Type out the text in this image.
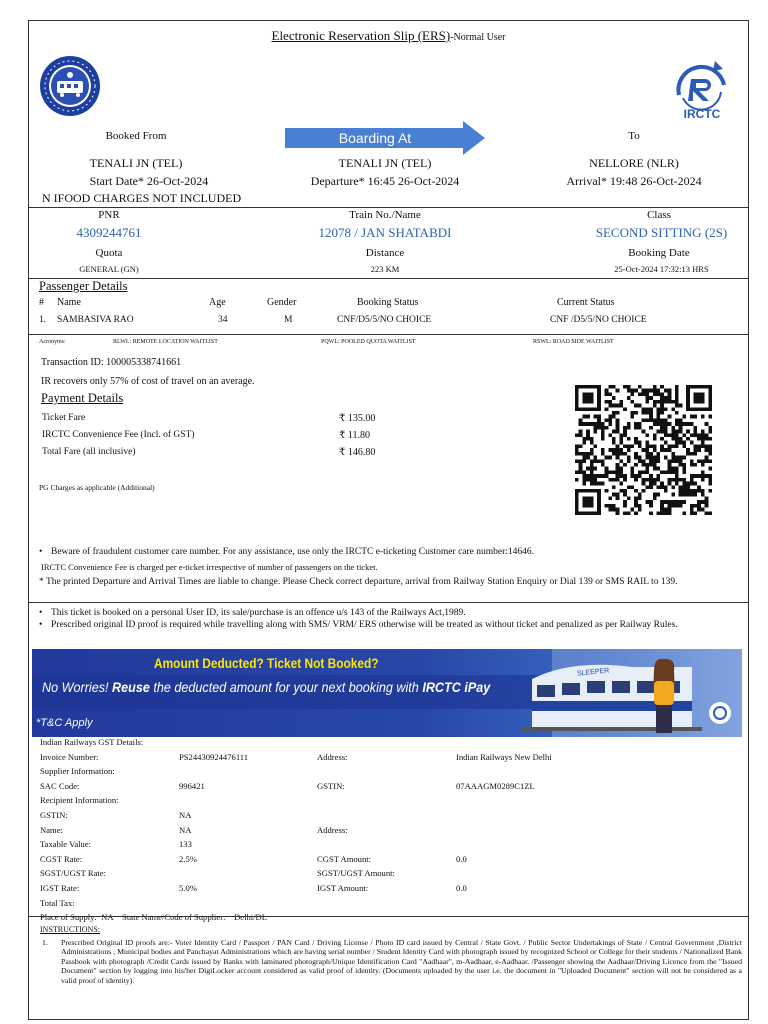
Electronic Reservation Slip (ERS)-Normal User
IRCTC
Booked From	Boarding At	To
TENALI JN (TEL)	TENALI JN (TEL)	NELLORE (NLR)
Start Date* 26-Oct-2024	Departure* 16:45 26-Oct-2024	Arrival* 19:48 26-Oct-2024
N IFOOD CHARGES NOT INCLUDED
PNR	Train No./Name	Class
4309244761	12078 / JAN SHATABDI	SECOND SITTING (2S)
Quota	Distance	Booking Date
GENERAL (GN)	223 KM	25-Oct-2024 17:32:13 HRS
Passenger Details
# Name	Age	Gender	Booking Status	Current Status
1. SAMBASIVA RAO	34	M	CNF/D5/5/NO CHOICE	CNF /D5/5/NO CHOICE
Acronyms:	RLWL: REMOTE LOCATION WAITLIST	PQWL: POOLED QUOTA WAITLIST	RSWL: ROAD SIDE WAITLIST
Transaction ID: 100005338741661
IR recovers only 57% of cost of travel on an average.
Payment Details
Ticket Fare	₹ 135.00
IRCTC Convenience Fee (Incl. of GST)	₹ 11.80
Total Fare (all inclusive)	₹ 146.80
PG Charges as applicable (Additional)
• Beware of fraudulent customer care number. For any assistance, use only the IRCTC e-ticketing Customer care number:14646.
IRCTC Convenience Fee is charged per e-ticket irrespective of number of passengers on the ticket.
* The printed Departure and Arrival Times are liable to change. Please Check correct departure, arrival from Railway Station Enquiry or Dial 139 or SMS RAIL to 139.
• This ticket is booked on a personal User ID, its sale/purchase is an offence u/s 143 of the Railways Act,1989.
• Prescribed original ID proof is required while travelling along with SMS/ VRM/ ERS otherwise will be treated as without ticket and penalized as per Railway Rules.
Amount Deducted? Ticket Not Booked?
No Worries! Reuse the deducted amount for your next booking with IRCTC iPay
*T&C Apply
SLEEPER
Indian Railways GST Details:			
Invoice Number:	PS24430924476111	Address:	Indian Railways New Delhi
Supplier Information:			
SAC Code:	996421	GSTIN:	07AAAGM0289C1ZL
Recipient Information:			
GSTIN:	NA		
Name:	NA	Address:	
Taxable Value:	133		
CGST Rate:	2.5%	CGST Amount:	0.0
SGST/UGST Rate:		SGST/UGST Amount:	
IGST Rate:	5.0%	IGST Amount:	0.0
Total Tax:			
Place of Supply: NA State Name/Code of Supplier: Delhi/DL			
INSTRUCTIONS:
1. Prescribed Original ID proofs are:- Voter Identity Card / Passport / PAN Card / Driving License / Photo ID card issued by Central / State Govt. / Public Sector Undertakings of State / Central Government ,District Administrations , Municipal bodies and Panchayat Administrations which are having serial number / Student Identity Card with photograph issued by recognized School or College for their students / Nationalized Bank Passbook with photograph /Credit Cards issued by Banks with laminated photograph/Unique Identification Card "Aadhaar", m-Aadhaar, e-Aadhaar. /Passenger showing the Aadhaar/Driving Licence from the "Issued Document" section by logging into his/her DigiLocker account considered as valid proof of identity. (Documents uploaded by the user i.e. the document in "Uploaded Document" section will not be considered as a valid proof of identity).
